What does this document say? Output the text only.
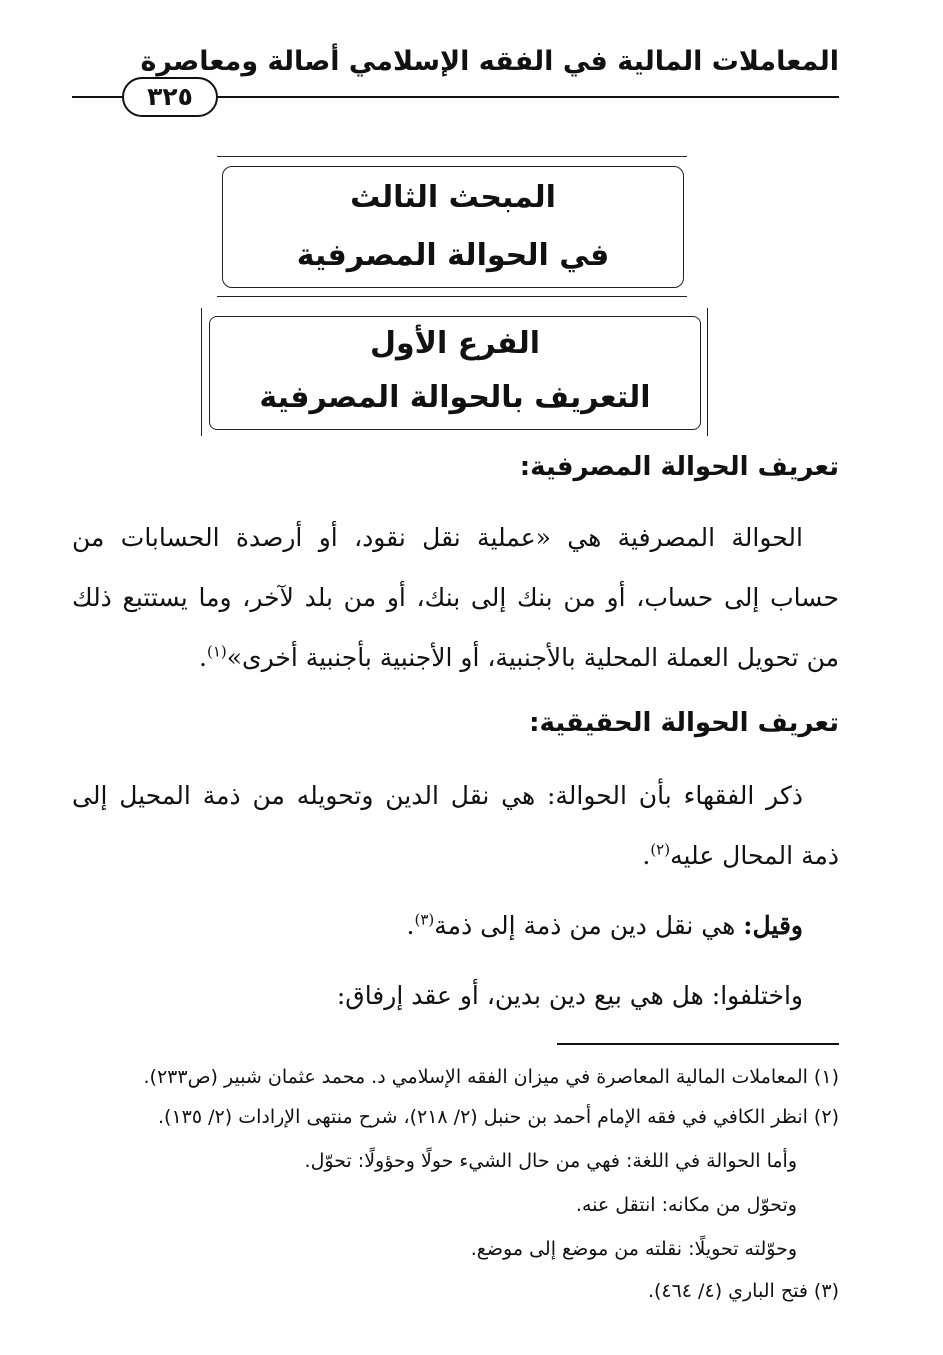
المعاملات المالية في الفقه الإسلامي أصالة ومعاصرة
٣٢٥
المبحث الثالث
في الحوالة المصرفية
الفرع الأول
التعريف بالحوالة المصرفية
تعريف الحوالة المصرفية:
الحوالة المصرفية هي «عملية نقل نقود، أو أرصدة الحسابات من حساب إلى حساب، أو من بنك إلى بنك، أو من بلد لآخر، وما يستتبع ذلك من تحويل العملة المحلية بالأجنبية، أو الأجنبية بأجنبية أخرى»$^{(١)}$.
تعريف الحوالة الحقيقية:
ذكر الفقهاء بأن الحوالة: هي نقل الدين وتحويله من ذمة المحيل إلى ذمة المحال عليه$^{(٢)}$.
وقيل: هي نقل دين من ذمة إلى ذمة$^{(٣)}$.
واختلفوا: هل هي بيع دين بدين، أو عقد إرفاق:
(١) المعاملات المالية المعاصرة في ميزان الفقه الإسلامي د. محمد عثمان شبير (ص٢٣٣).
(٢) انظر الكافي في فقه الإمام أحمد بن حنبل (٢/ ٢١٨)، شرح منتهى الإرادات (٢/ ١٣٥).
وأما الحوالة في اللغة: فهي من حال الشيء حولًا وحؤولًا: تحوّل.
وتحوّل من مكانه: انتقل عنه.
وحوّلته تحويلًا: نقلته من موضع إلى موضع.
(٣) فتح الباري (٤/ ٤٦٤).
